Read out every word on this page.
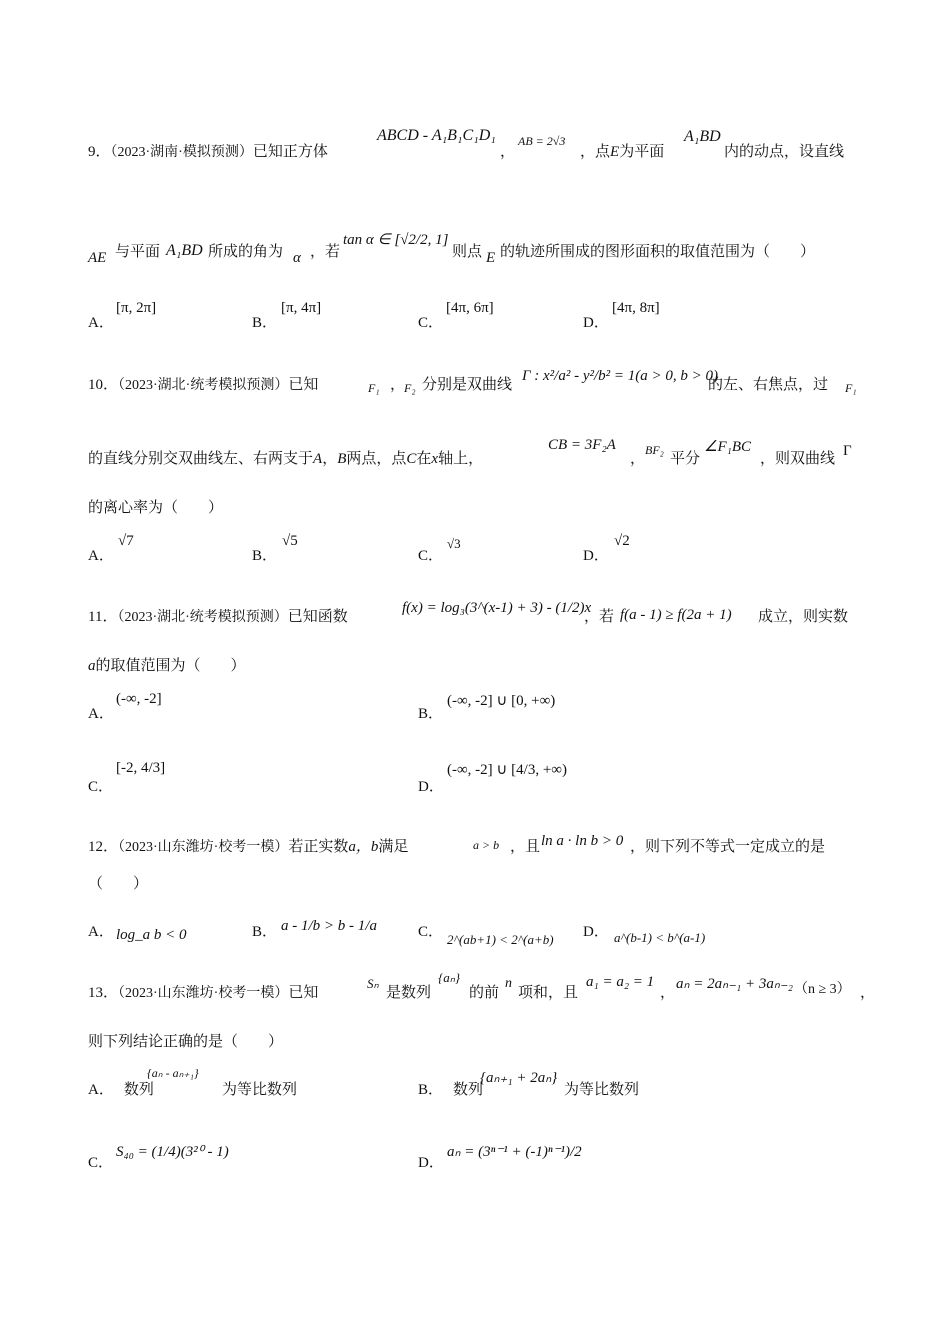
9．（2023·湖南·模拟预测）已知正方体
ABCD - A₁B₁C₁D₁
，
AB = 2√3
，点E为平面
A₁BD
内的动点，设直线
AE 与平面 A₁BD 所成的角为 α ，若
tan α ∈ [√2/2, 1]
则点 E 的轨迹所围成的图形面积的取值范围为（　　）
A．
[π, 2π]
B．
[π, 4π]
C．
[4π, 6π]
D．
[4π, 8π]
10．（2023·湖北·统考模拟预测）已知	F₁ ，
F₂ 分别是双曲线
Γ : x²/a² - y²/b² = 1(a > 0, b > 0)
的左、右焦点，过 F₁
的直线分别交双曲线左、右两支于A，B两点，点C在x轴上，
CB = 3F₂A
，
BF₂
平分
∠F₁BC
，则双曲线 Γ
的离心率为（　　）
A．
√7
B．
√5
C．
√3
D．
√2
11．（2023·湖北·统考模拟预测）已知函数
f(x) = log₃(3^(x-1) + 3) - (1/2)x
，若 f(a - 1) ≥ f(2a + 1) 成立，则实数
a的取值范围为（　　）
A．
(-∞, -2]
B．
(-∞, -2] ∪ [0, +∞)
C．
[-2, 4/3]
D．
(-∞, -2] ∪ [4/3, +∞)
12．（2023·山东潍坊·校考一模）若正实数a，b满足	a > b ，且 ln a · ln b > 0 ，则下列不等式一定成立的是
（　　）
A． log_a b < 0	B． a - 1/b > b - 1/a	C． 2^(ab+1) < 2^(a+b) D． a^(b-1) < b^(a-1)
13．（2023·山东潍坊·校考一模）已知
Sₙ
是数列
{aₙ}
的前
n
项和，且
a₁ = a₂ = 1
，
aₙ = 2aₙ₋₁ + 3aₙ₋₂ （n ≥ 3） ，
则下列结论正确的是（　　）
A． 数列
{aₙ - aₙ₊₁}
为等比数列	B． 数列
{aₙ₊₁ + 2aₙ}
为等比数列
C．
S₄₀ = (1/4)(3²⁰ - 1)
D．
aₙ = (3ⁿ⁻¹ + (-1)ⁿ⁻¹)/2
